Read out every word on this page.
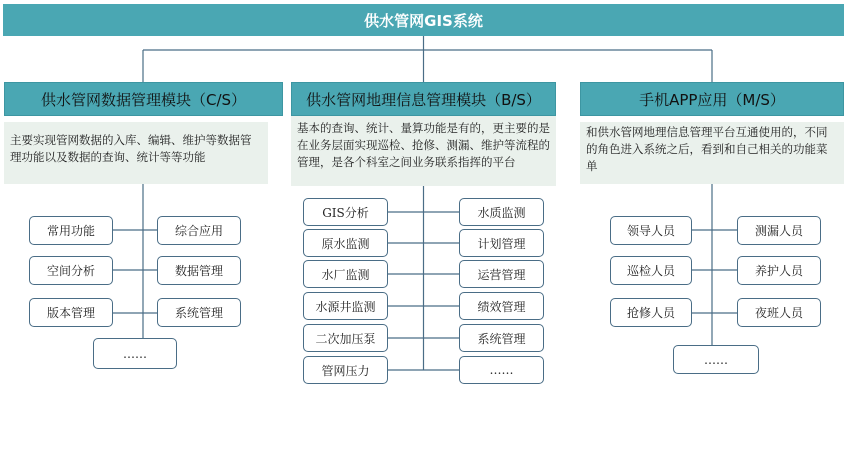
供水管网GIS系统
供水管网数据管理模块（C/S）
主要实现管网数据的入库、编辑、维护等数据管理功能以及数据的查询、统计等等功能
常用功能
空间分析
版本管理
综合应用
数据管理
系统管理
……
供水管网地理信息管理模块（B/S）
基本的查询、统计、量算功能是有的，更主要的是在业务层面实现巡检、抢修、测漏、维护等流程的管理，是各个科室之间业务联系指挥的平台
GIS分析
原水监测
水厂监测
水源井监测
二次加压泵
管网压力
水质监测
计划管理
运营管理
绩效管理
系统管理
……
手机APP应用（M/S）
和供水管网地理信息管理平台互通使用的，不同的角色进入系统之后，看到和自己相关的功能菜单
领导人员
巡检人员
抢修人员
测漏人员
养护人员
夜班人员
……
